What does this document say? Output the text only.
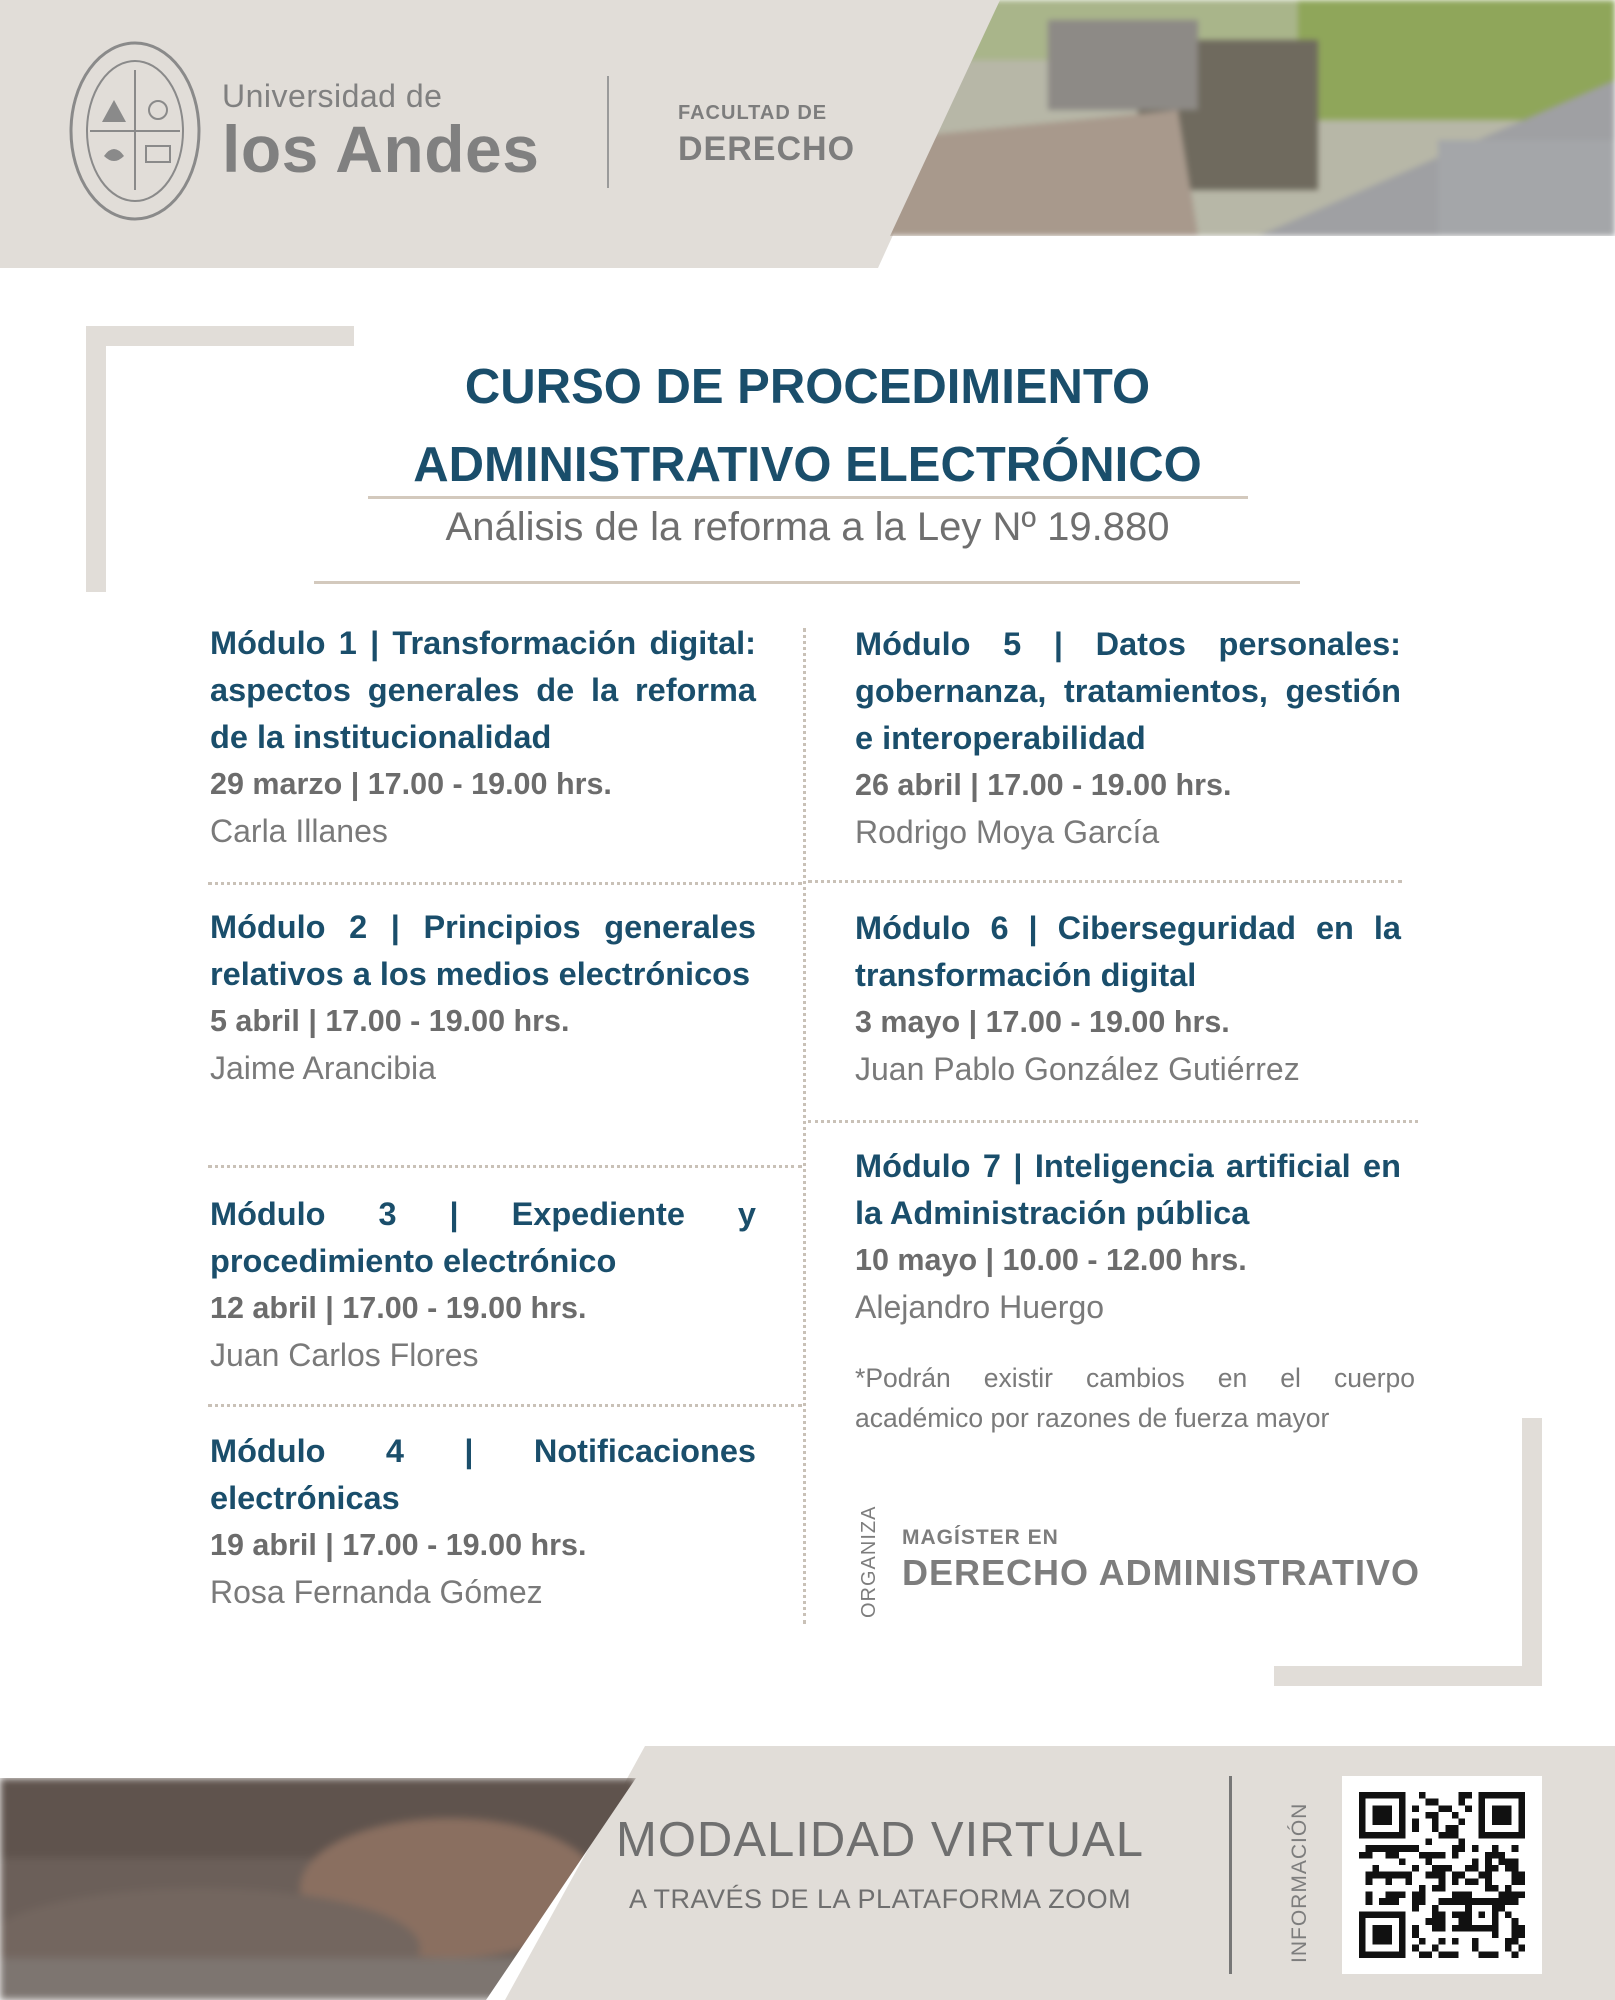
Universidad de
los Andes	FACULTAD DE
DERECHO
CURSO DE PROCEDIMIENTO
ADMINISTRATIVO ELECTRÓNICO
Análisis de la reforma a la Ley Nº 19.880
Módulo 1 | Transformación digital: aspectos generales de la reforma de la institucionalidad
29 marzo | 17.00 - 19.00 hrs.
Carla Illanes
Módulo 2 | Principios generales relativos a los medios electrónicos
5 abril | 17.00 - 19.00 hrs.
Jaime Arancibia
Módulo 3 | Expediente y procedimiento electrónico
12 abril | 17.00 - 19.00 hrs.
Juan Carlos Flores
Módulo 4 | Notificaciones electrónicas
19 abril | 17.00 - 19.00 hrs.
Rosa Fernanda Gómez
Módulo 5 | Datos personales: gobernanza, tratamientos, gestión e interoperabilidad
26 abril | 17.00 - 19.00 hrs.
Rodrigo Moya García
Módulo 6 | Ciberseguridad en la transformación digital
3 mayo | 17.00 - 19.00 hrs.
Juan Pablo González Gutiérrez
Módulo 7 | Inteligencia artificial en la Administración pública
10 mayo | 10.00 - 12.00 hrs.
Alejandro Huergo
*Podrán existir cambios en el cuerpo académico por razones de fuerza mayor
ORGANIZA MAGÍSTER EN
DERECHO ADMINISTRATIVO
MODALIDAD VIRTUAL
A TRAVÉS DE LA PLATAFORMA ZOOM	INFORMACIÓN
